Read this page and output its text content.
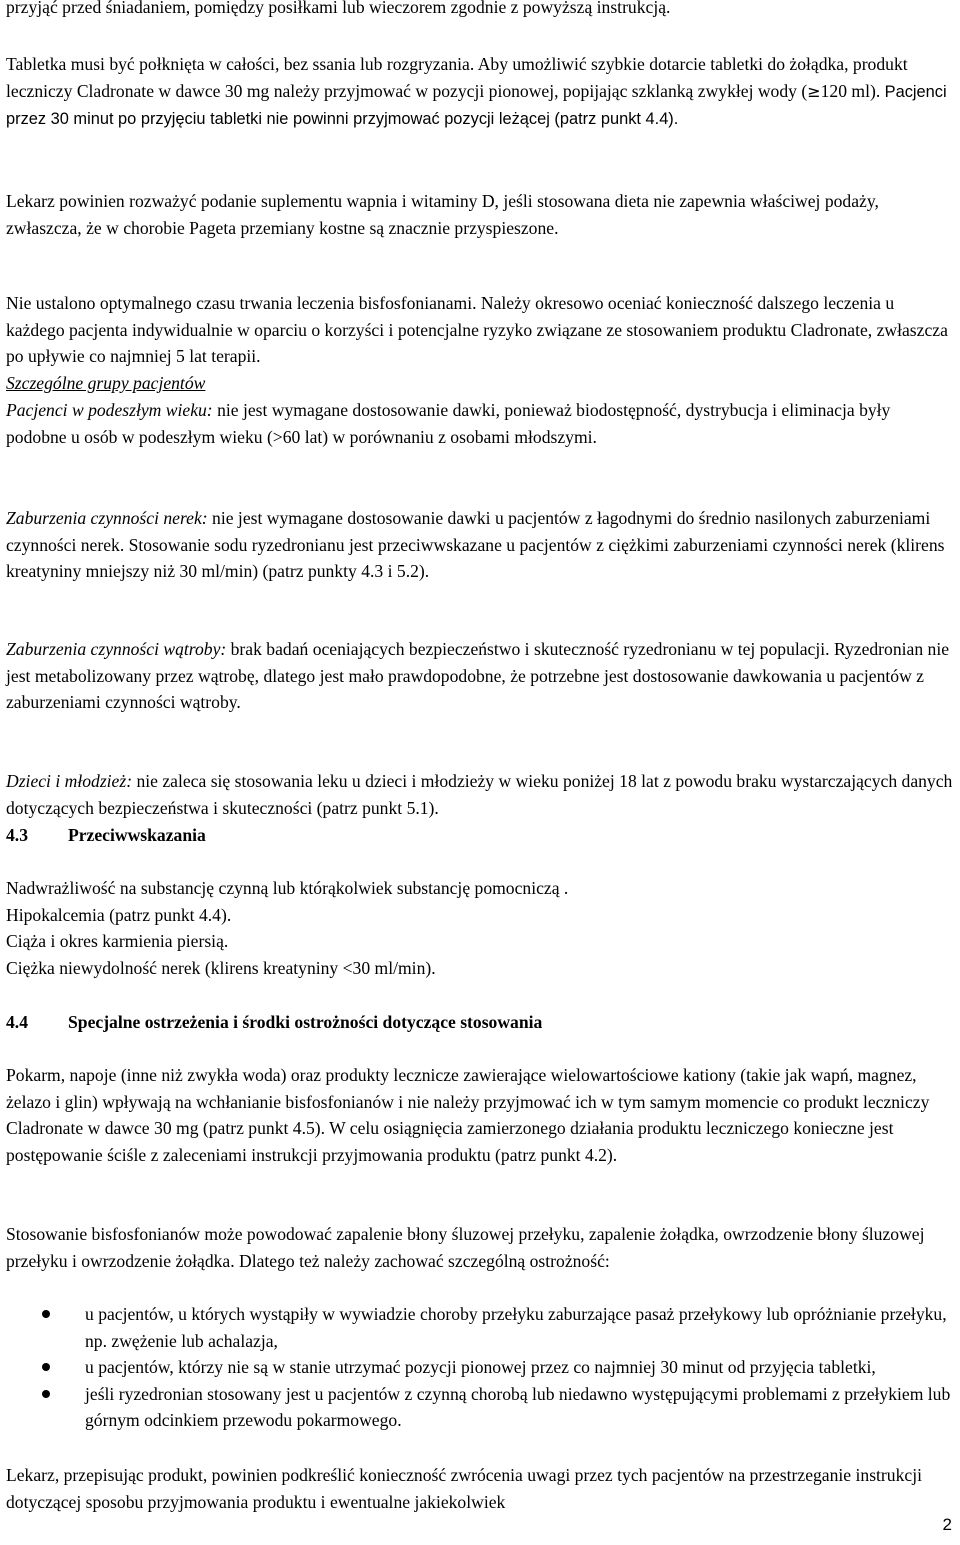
przyjąć przed śniadaniem, pomiędzy posiłkami lub wieczorem zgodnie z powyższą instrukcją.

Tabletka musi być połknięta w całości, bez ssania lub rozgryzania. Aby umożliwić szybkie dotarcie tabletki do żołądka, produkt leczniczy Cladronate w dawce 30 mg należy przyjmować w pozycji pionowej, popijając szklanką zwykłej wody (≥120 ml). Pacjenci przez 30 minut po przyjęciu tabletki nie powinni przyjmować pozycji leżącej (patrz punkt 4.4).

Lekarz powinien rozważyć podanie suplementu wapnia i witaminy D, jeśli stosowana dieta nie zapewnia właściwej podaży, zwłaszcza, że w chorobie Pageta przemiany kostne są znacznie przyspieszone.

Nie ustalono optymalnego czasu trwania leczenia bisfosfonianami. Należy okresowo oceniać konieczność dalszego leczenia u każdego pacjenta indywidualnie w oparciu o korzyści i potencjalne ryzyko związane ze stosowaniem produktu Cladronate, zwłaszcza po upływie co najmniej 5 lat terapii.

Szczególne grupy pacjentów

Pacjenci w podeszłym wieku: nie jest wymagane dostosowanie dawki, ponieważ biodostępność, dystrybucja i eliminacja były podobne u osób w podeszłym wieku (>60 lat) w porównaniu z osobami młodszymi.

Zaburzenia czynności nerek: nie jest wymagane dostosowanie dawki u pacjentów z łagodnymi do średnio nasilonych zaburzeniami czynności nerek. Stosowanie sodu ryzedronianu jest przeciwwskazane u pacjentów z ciężkimi zaburzeniami czynności nerek (klirens kreatyniny mniejszy niż 30 ml/min) (patrz punkty 4.3 i 5.2).

Zaburzenia czynności wątroby: brak badań oceniających bezpieczeństwo i skuteczność ryzedronianu w tej populacji. Ryzedronian nie jest metabolizowany przez wątrobę, dlatego jest mało prawdopodobne, że potrzebne jest dostosowanie dawkowania u pacjentów z zaburzeniami czynności wątroby.

Dzieci i młodzież: nie zaleca się stosowania leku u dzieci i młodzieży w wieku poniżej 18 lat z powodu braku wystarczających danych dotyczących bezpieczeństwa i skuteczności (patrz punkt 5.1).

4.3 Przeciwwskazania

Nadwrażliwość na substancję czynną lub którąkolwiek substancję pomocniczą .
Hipokalcemia (patrz punkt 4.4).
Ciąża i okres karmienia piersią.
Ciężka niewydolność nerek (klirens kreatyniny <30 ml/min).

4.4 Specjalne ostrzeżenia i środki ostrożności dotyczące stosowania

Pokarm, napoje (inne niż zwykła woda) oraz produkty lecznicze zawierające wielowartościowe kationy (takie jak wapń, magnez, żelazo i glin) wpływają na wchłanianie bisfosfonianów i nie należy przyjmować ich w tym samym momencie co produkt leczniczy Cladronate w dawce 30 mg (patrz punkt 4.5). W celu osiągnięcia zamierzonego działania produktu leczniczego konieczne jest postępowanie ściśle z zaleceniami instrukcji przyjmowania produktu (patrz punkt 4.2).

Stosowanie bisfosfonianów może powodować zapalenie błony śluzowej przełyku, zapalenie żołądka, owrzodzenie błony śluzowej przełyku i owrzodzenie żołądka. Dlatego też należy zachować szczególną ostrożność:

u pacjentów, u których wystąpiły w wywiadzie choroby przełyku zaburzające pasaż przełykowy lub opróżnianie przełyku, np. zwężenie lub achalazja,
u pacjentów, którzy nie są w stanie utrzymać pozycji pionowej przez co najmniej 30 minut od przyjęcia tabletki,
jeśli ryzedronian stosowany jest u pacjentów z czynną chorobą lub niedawno występującymi problemami z przełykiem lub górnym odcinkiem przewodu pokarmowego.

Lekarz, przepisując produkt, powinien podkreślić konieczność zwrócenia uwagi przez tych pacjentów na przestrzeganie instrukcji dotyczącej sposobu przyjmowania produktu i ewentualne jakiekolwiek

2
